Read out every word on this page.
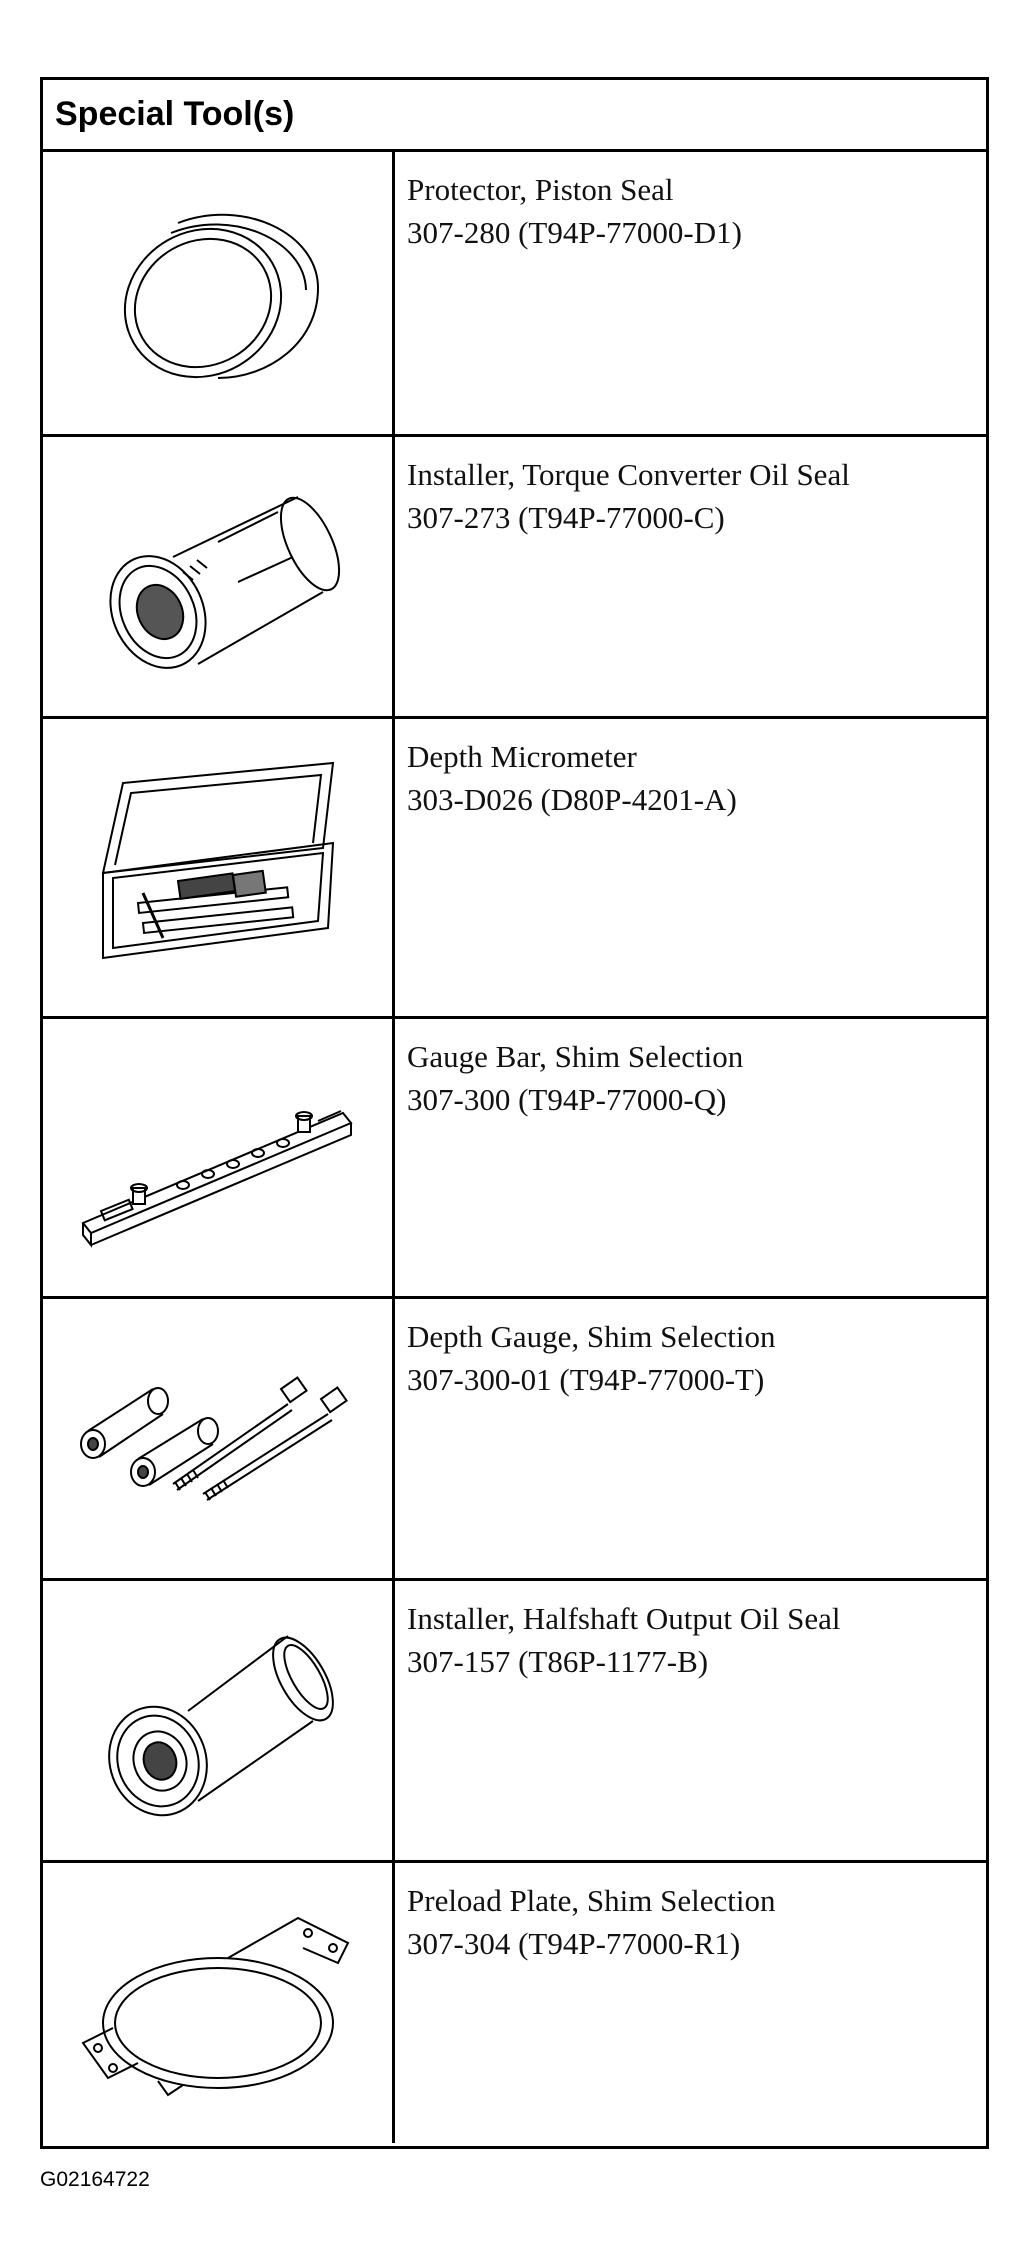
Special Tool(s)
Protector, Piston Seal
307-280 (T94P-77000-D1)
Installer, Torque Converter Oil Seal
307-273 (T94P-77000-C)
Depth Micrometer
303-D026 (D80P-4201-A)
Gauge Bar, Shim Selection
307-300 (T94P-77000-Q)
Depth Gauge, Shim Selection
307-300-01 (T94P-77000-T)
Installer, Halfshaft Output Oil Seal
307-157 (T86P-1177-B)
Preload Plate, Shim Selection
307-304 (T94P-77000-R1)
G02164722
